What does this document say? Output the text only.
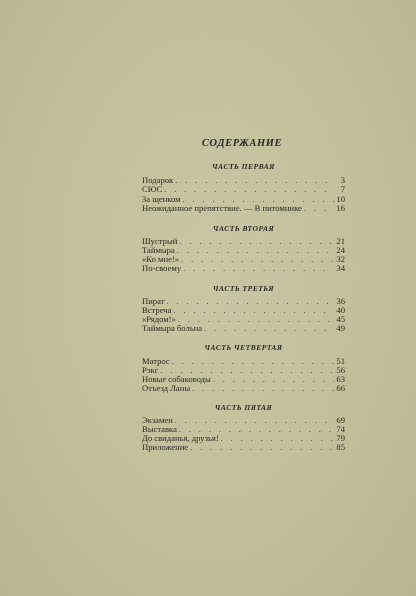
СОДЕРЖАНИЕ
ЧАСТЬ ПЕРВАЯ
Подарок . . .	3
СЮС . . .	7
За щенком . . .	10
Неожиданное препятствие. — В питомнике . . .	16
ЧАСТЬ ВТОРАЯ
Шустрый . . .	21
Таймыра . . .	24
«Ко мне!» . . .	32
По-своему . . .	34
ЧАСТЬ ТРЕТЬЯ
Пират . . .	36
Встреча . . .	40
«Рядом!» . . .	45
Таймыра больна . . .	49
ЧАСТЬ ЧЕТВЕРТАЯ
Матрос . . .	51
Рэкс . . .	56
Новые собаководы . . .	63
Отъезд Ланы . . .	66
ЧАСТЬ ПЯТАЯ
Экзамен . . .	69
Выставка . . .	74
До свиданья, друзья! . . .	79
Приложение . . .	85
